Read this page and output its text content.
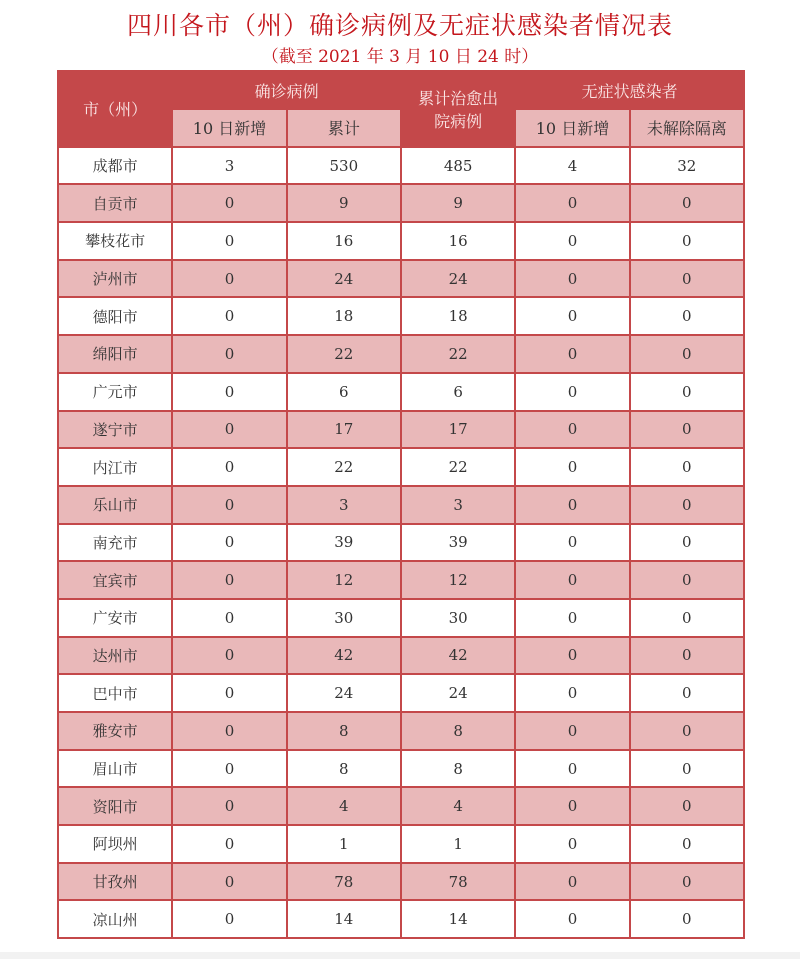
四川各市（州）确诊病例及无症状感染者情况表
（截至 2021 年 3 月 10 日 24 时）
市（州）	确诊病例		累计治愈出院病例	无症状感染者	
	10 日新增	累计		10 日新增	未解除隔离
成都市	3	530	485	4	32
自贡市	0	9	9	0	0
攀枝花市	0	16	16	0	0
泸州市	0	24	24	0	0
德阳市	0	18	18	0	0
绵阳市	0	22	22	0	0
广元市	0	6	6	0	0
遂宁市	0	17	17	0	0
内江市	0	22	22	0	0
乐山市	0	3	3	0	0
南充市	0	39	39	0	0
宜宾市	0	12	12	0	0
广安市	0	30	30	0	0
达州市	0	42	42	0	0
巴中市	0	24	24	0	0
雅安市	0	8	8	0	0
眉山市	0	8	8	0	0
资阳市	0	4	4	0	0
阿坝州	0	1	1	0	0
甘孜州	0	78	78	0	0
凉山州	0	14	14	0	0
